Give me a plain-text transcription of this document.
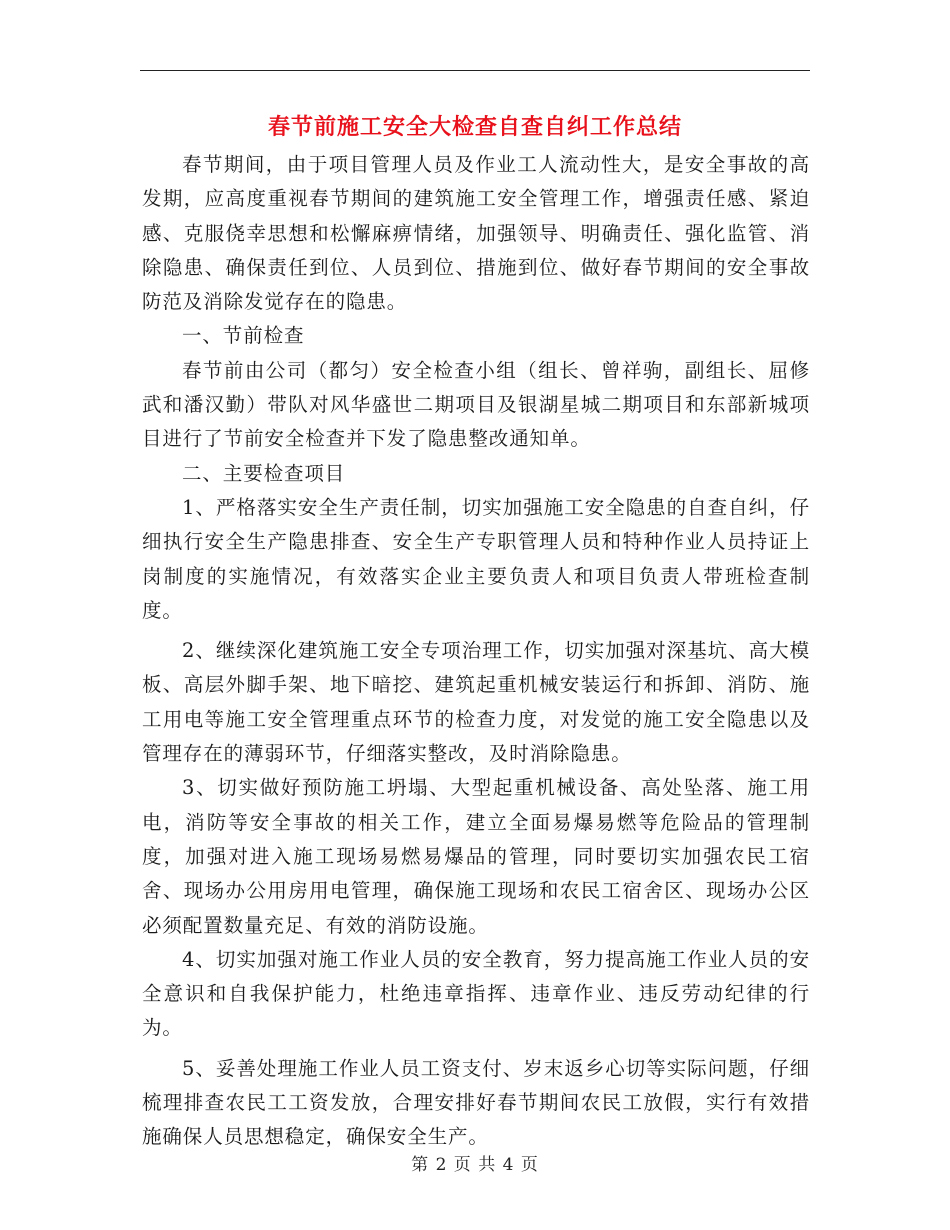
春节前施工安全大检查自查自纠工作总结

春节期间，由于项目管理人员及作业工人流动性大，是安全事故的高发期，应高度重视春节期间的建筑施工安全管理工作，增强责任感、紧迫感、克服侥幸思想和松懈麻痹情绪，加强领导、明确责任、强化监管、消除隐患、确保责任到位、人员到位、措施到位、做好春节期间的安全事故防范及消除发觉存在的隐患。

一、节前检查

春节前由公司（都匀）安全检查小组（组长、曾祥驹，副组长、屈修武和潘汉勤）带队对风华盛世二期项目及银湖星城二期项目和东部新城项目进行了节前安全检查并下发了隐患整改通知单。

二、主要检查项目

1、严格落实安全生产责任制，切实加强施工安全隐患的自查自纠，仔细执行安全生产隐患排查、安全生产专职管理人员和特种作业人员持证上岗制度的实施情况，有效落实企业主要负责人和项目负责人带班检查制度。

2、继续深化建筑施工安全专项治理工作，切实加强对深基坑、高大模板、高层外脚手架、地下暗挖、建筑起重机械安装运行和拆卸、消防、施工用电等施工安全管理重点环节的检查力度，对发觉的施工安全隐患以及管理存在的薄弱环节，仔细落实整改，及时消除隐患。

3、切实做好预防施工坍塌、大型起重机械设备、高处坠落、施工用电，消防等安全事故的相关工作，建立全面易爆易燃等危险品的管理制度，加强对进入施工现场易燃易爆品的管理，同时要切实加强农民工宿舍、现场办公用房用电管理，确保施工现场和农民工宿舍区、现场办公区必须配置数量充足、有效的消防设施。

4、切实加强对施工作业人员的安全教育，努力提高施工作业人员的安全意识和自我保护能力，杜绝违章指挥、违章作业、违反劳动纪律的行为。

5、妥善处理施工作业人员工资支付、岁末返乡心切等实际问题，仔细梳理排查农民工工资发放，合理安排好春节期间农民工放假，实行有效措施确保人员思想稳定，确保安全生产。

第 2 页 共 4 页
